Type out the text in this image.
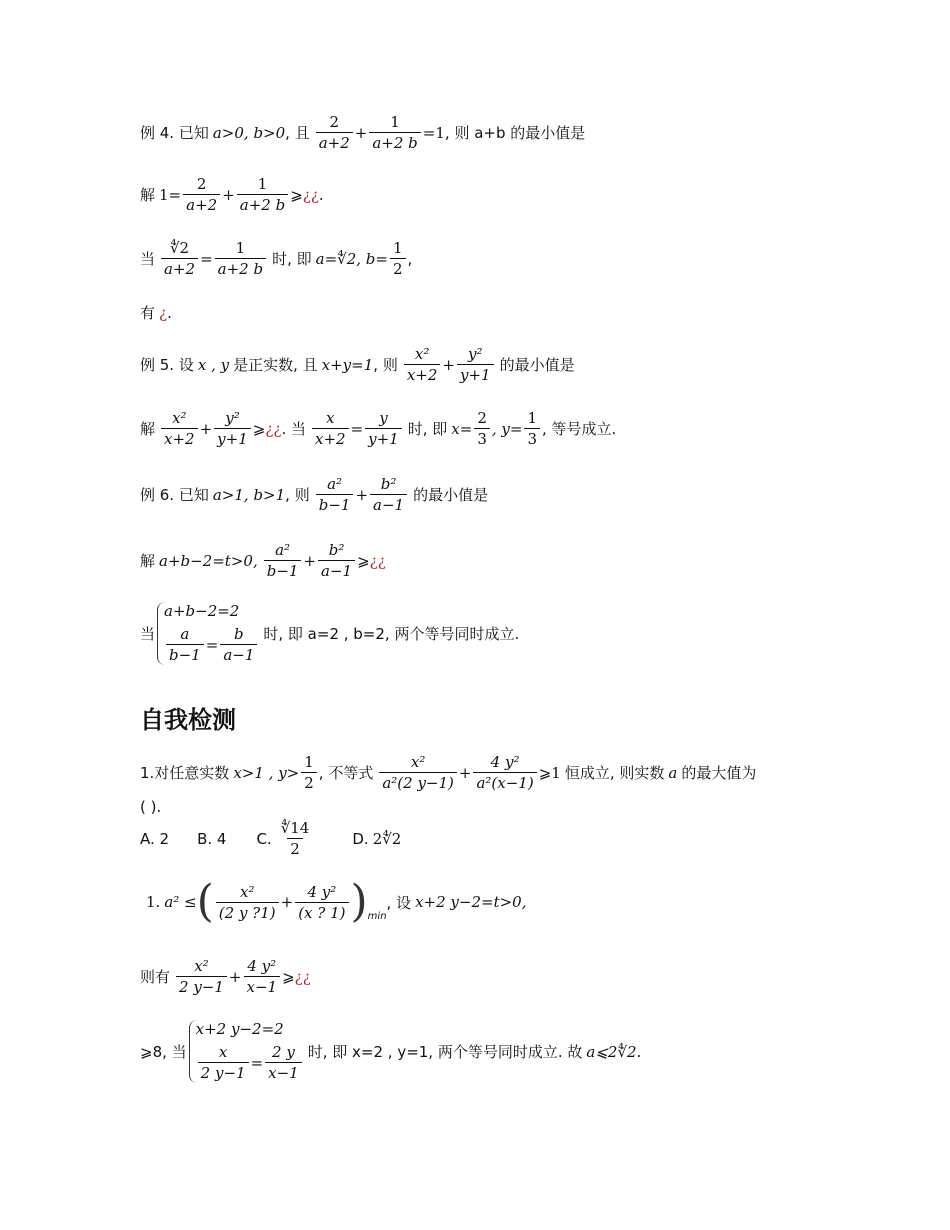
例 4. 已知 a>0, b>0 , 且 $\frac{2}{a+2} + \frac{1}{a+2 b} =1$ , 则 a+b 的最小值是
解 $1= \frac{2}{a+2} + \frac{1}{a+2 b}$ ⩾ ¿¿ .
当 $\frac{∜2}{a+2} = \frac{1}{a+2 b}$ 时, 即 a=∜2 , $b= \frac{1}{2}$ ,
有 ¿ .
例 5. 设 x , y 是正实数, 且 x+y=1 , 则 $\frac{\text{x²}}{x+2} + \frac{\text{y²}}{y+1}$ 的最小值是
解 $\frac{\text{x²}}{x+2} + \frac{\text{y²}}{y+1}$ ⩾ ¿¿ . 当 $\frac{x}{x+2} = \frac{y}{y+1}$ 时, 即 $x= \frac{2}{3}$ , $y= \frac{1}{3}$ , 等号成立.
例 6. 已知 a>1, b>1 , 则 $\frac{\text{a²}}{b-1} + \frac{\text{b²}}{a-1}$ 的最小值是
解 a+b−2=t>0, $\frac{\text{a²}}{b-1} + \frac{\text{b²}}{a-1}$ ⩾ ¿¿
当
a+b−2=2
$\frac{a}{b-1} = \frac{b}{a-1}$ 时, 即 a=2 , b=2, 两个等号同时成立.
自我检测
1.对任意实数 x>1 , $y> \frac{1}{2}$ , 不等式 $\frac{\text{x²}}{\text{a²(2 y−1)}} + \frac{\text{4 y²}}{\text{a²(x−1)}}$ ⩾1 恒成立, 则实数 a 的最大值为
( ).
A. 2 B. 4 C. $\frac{∜14}{2}$	D. 2∜2
1. a² ≤ ( $\frac{\text{x²}}{(2 y ?1)} + \frac{\text{4 y²}}{(x ? 1)}$ ) min
, 设 x+2 y−2=t>0,
则有 $\frac{\text{x²}}{2 y-1} + \frac{\text{4 y²}}{x-1}$ ⩾ ¿¿
⩾8, 当
x+2 y−2=2
$\frac{x}{2 y-1} = \frac{2 y}{x-1}$ 时, 即 x=2 , y=1, 两个等号同时成立. 故 a⩽2∜2.
